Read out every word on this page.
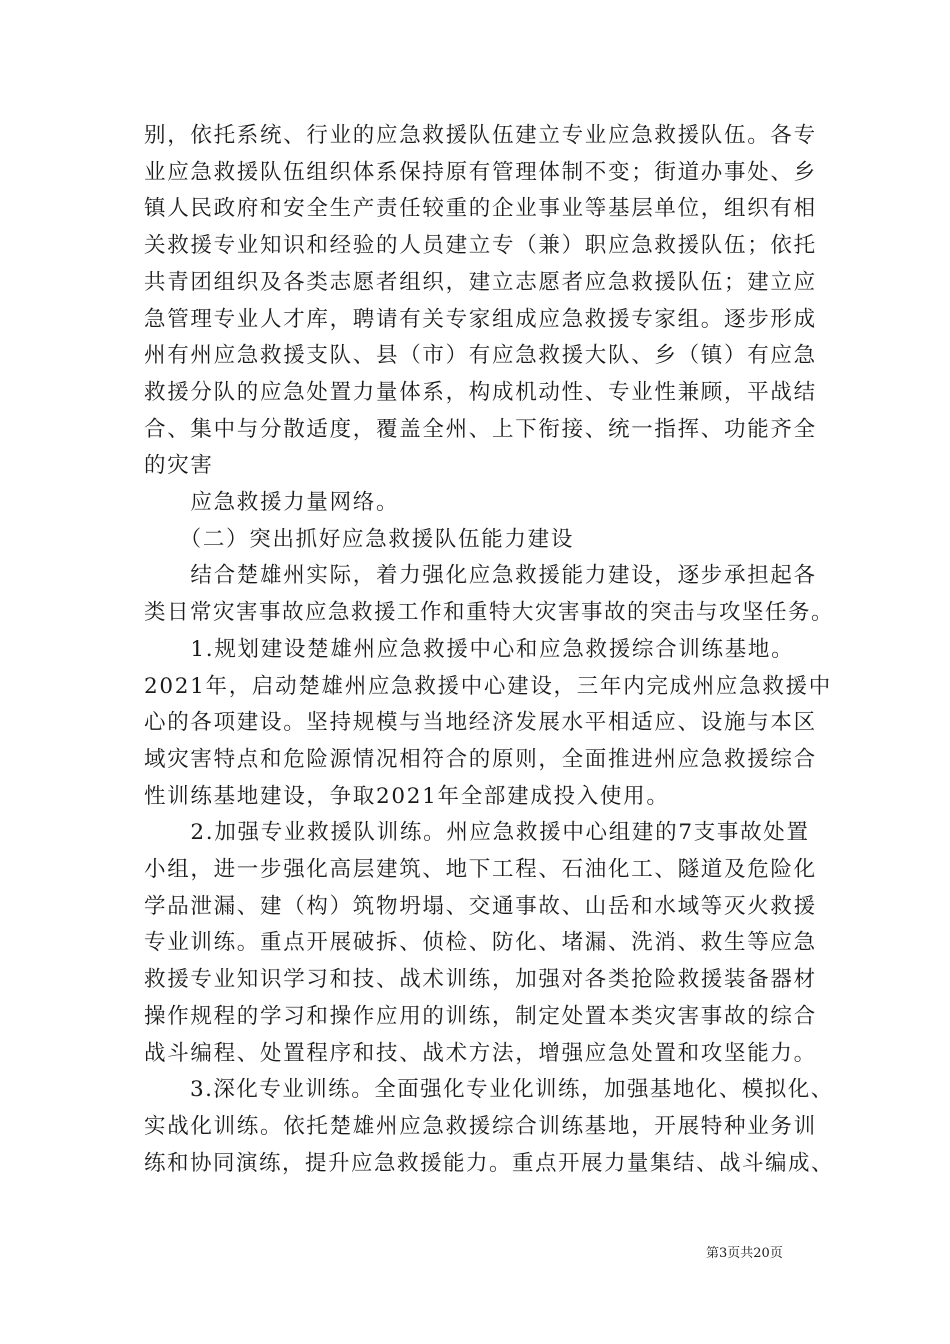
别，依托系统、行业的应急救援队伍建立专业应急救援队伍。各专
业应急救援队伍组织体系保持原有管理体制不变；街道办事处、乡
镇人民政府和安全生产责任较重的企业事业等基层单位，组织有相
关救援专业知识和经验的人员建立专（兼）职应急救援队伍；依托
共青团组织及各类志愿者组织，建立志愿者应急救援队伍；建立应
急管理专业人才库，聘请有关专家组成应急救援专家组。逐步形成
州有州应急救援支队、县（市）有应急救援大队、乡（镇）有应急
救援分队的应急处置力量体系，构成机动性、专业性兼顾，平战结
合、集中与分散适度，覆盖全州、上下衔接、统一指挥、功能齐全
的灾害
　　应急救援力量网络。
　　（二）突出抓好应急救援队伍能力建设
　　结合楚雄州实际，着力强化应急救援能力建设，逐步承担起各
类日常灾害事故应急救援工作和重特大灾害事故的突击与攻坚任务。
　　1.规划建设楚雄州应急救援中心和应急救援综合训练基地。
2021年，启动楚雄州应急救援中心建设，三年内完成州应急救援中
心的各项建设。坚持规模与当地经济发展水平相适应、设施与本区
域灾害特点和危险源情况相符合的原则，全面推进州应急救援综合
性训练基地建设，争取2021年全部建成投入使用。
　　2.加强专业救援队训练。州应急救援中心组建的7支事故处置
小组，进一步强化高层建筑、地下工程、石油化工、隧道及危险化
学品泄漏、建（构）筑物坍塌、交通事故、山岳和水域等灭火救援
专业训练。重点开展破拆、侦检、防化、堵漏、洗消、救生等应急
救援专业知识学习和技、战术训练，加强对各类抢险救援装备器材
操作规程的学习和操作应用的训练，制定处置本类灾害事故的综合
战斗编程、处置程序和技、战术方法，增强应急处置和攻坚能力。
　　3.深化专业训练。全面强化专业化训练，加强基地化、模拟化、
实战化训练。依托楚雄州应急救援综合训练基地，开展特种业务训
练和协同演练，提升应急救援能力。重点开展力量集结、战斗编成、
第3页共20页
